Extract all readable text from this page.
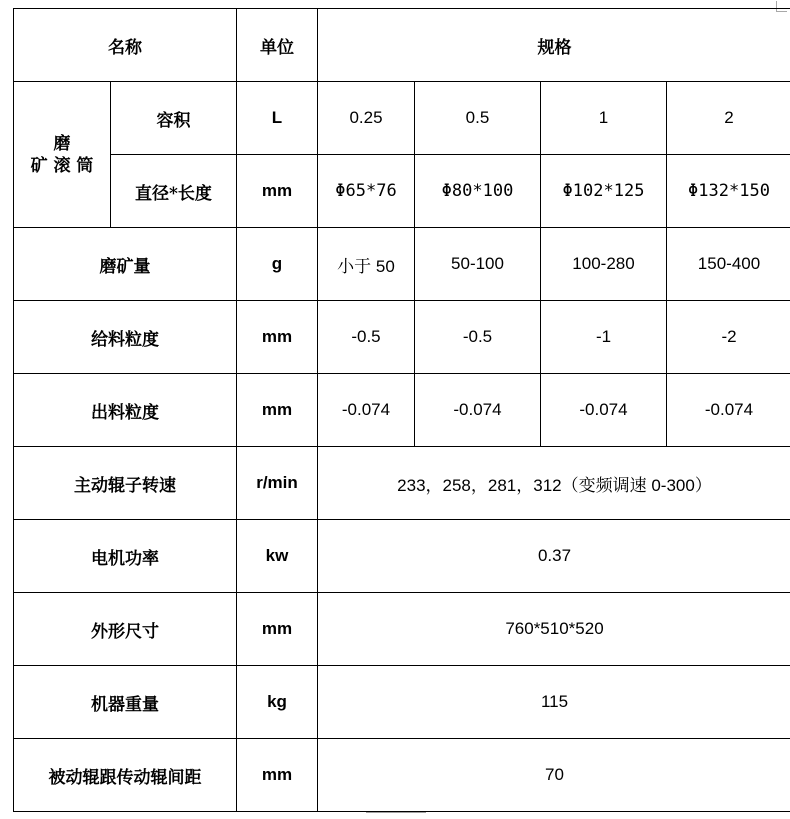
名称		单位	规格			

磨
矿 滚 筒	容积	L	0.25	0.5	1	2
	直径*长度	mm	Φ65*76	Φ80*100	Φ102*125	Φ132*150
磨矿量		g	小于 50	50-100	100-280	150-400
给料粒度		mm	-0.5	-0.5	-1	-2
出料粒度		mm	-0.074	-0.074	-0.074	-0.074
主动辊子转速		r/min	233，258，281，312（变频调速 0-300）			
电机功率		kw	0.37			
外形尺寸		mm	760*510*520			
机器重量		kg	115			
被动辊跟传动辊间距		mm	70			
